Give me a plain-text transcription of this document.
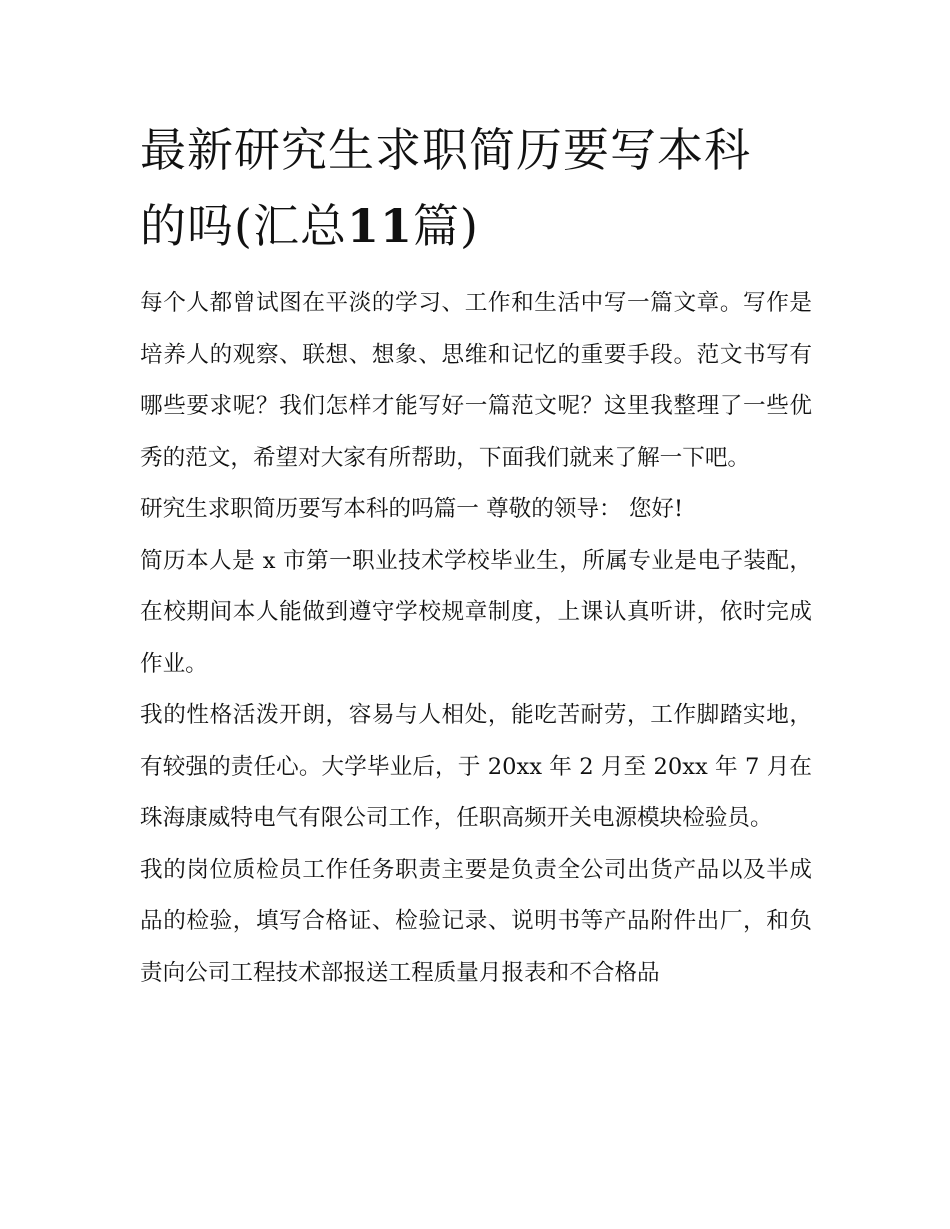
最新研究生求职简历要写本科
的吗(汇总11篇)

每个人都曾试图在平淡的学习、工作和生活中写一篇文章。写作是培养人的观察、联想、想象、思维和记忆的重要手段。范文书写有哪些要求呢？我们怎样才能写好一篇范文呢？这里我整理了一些优秀的范文，希望对大家有所帮助，下面我们就来了解一下吧。

研究生求职简历要写本科的吗篇一 尊敬的领导： 您好!

简历本人是 x 市第一职业技术学校毕业生，所属专业是电子装配，在校期间本人能做到遵守学校规章制度，上课认真听讲，依时完成作业。

我的性格活泼开朗，容易与人相处，能吃苦耐劳，工作脚踏实地，有较强的责任心。大学毕业后，于 20xx 年 2 月至 20xx 年 7 月在珠海康威特电气有限公司工作，任职高频开关电源模块检验员。

我的岗位质检员工作任务职责主要是负责全公司出货产品以及半成品的检验，填写合格证、检验记录、说明书等产品附件出厂，和负责向公司工程技术部报送工程质量月报表和不合格品
